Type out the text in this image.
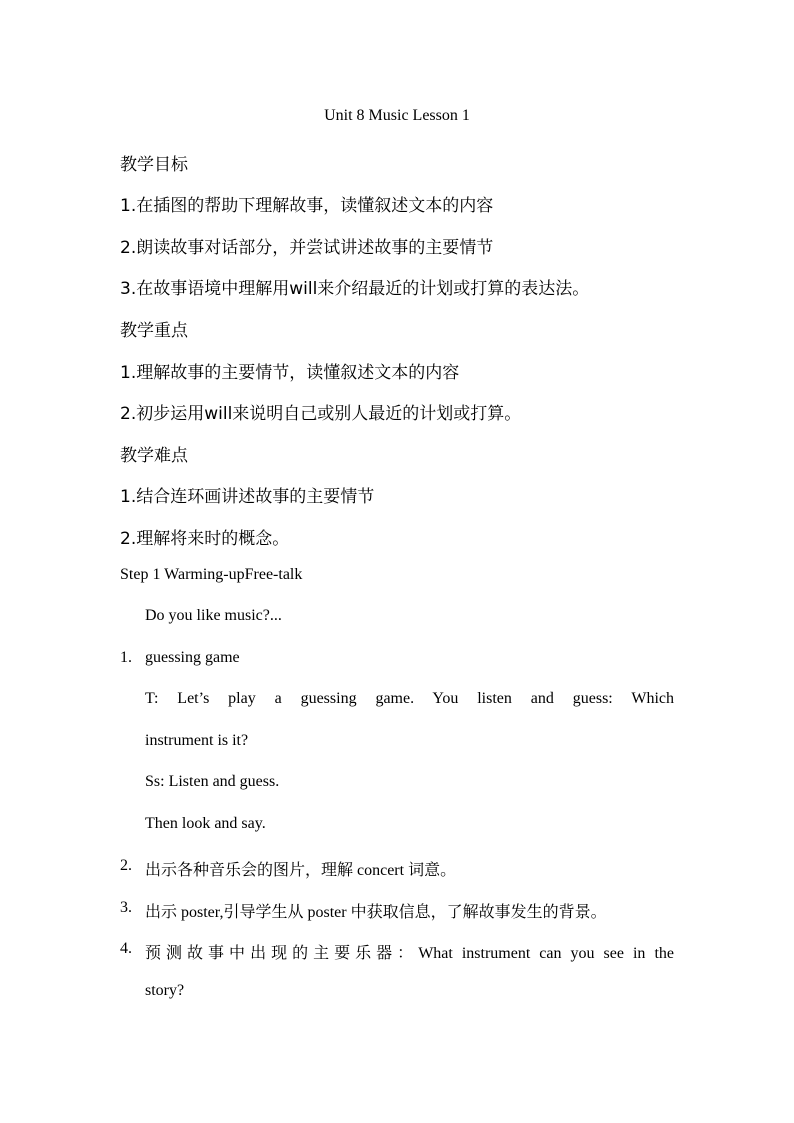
Unit 8 Music Lesson 1
教学目标
1.在插图的帮助下理解故事，读懂叙述文本的内容
2.朗读故事对话部分，并尝试讲述故事的主要情节
3.在故事语境中理解用will来介绍最近的计划或打算的表达法。
教学重点
1.理解故事的主要情节，读懂叙述文本的内容
2.初步运用will来说明自己或别人最近的计划或打算。
教学难点
1.结合连环画讲述故事的主要情节
2.理解将来时的概念。
Step 1 Warming-upFree-talk
Do you like music?...
1. guessing game
T: Let’s play a guessing game. You listen and guess: Which
instrument is it?
Ss: Listen and guess.
Then look and say.
2. 出示各种音乐会的图片，理解 concert 词意。
3. 出示 poster,引导学生从 poster 中获取信息，了解故事发生的背景。
4. 预测故事中出现的主要乐器：What instrument can you see in the
story?
